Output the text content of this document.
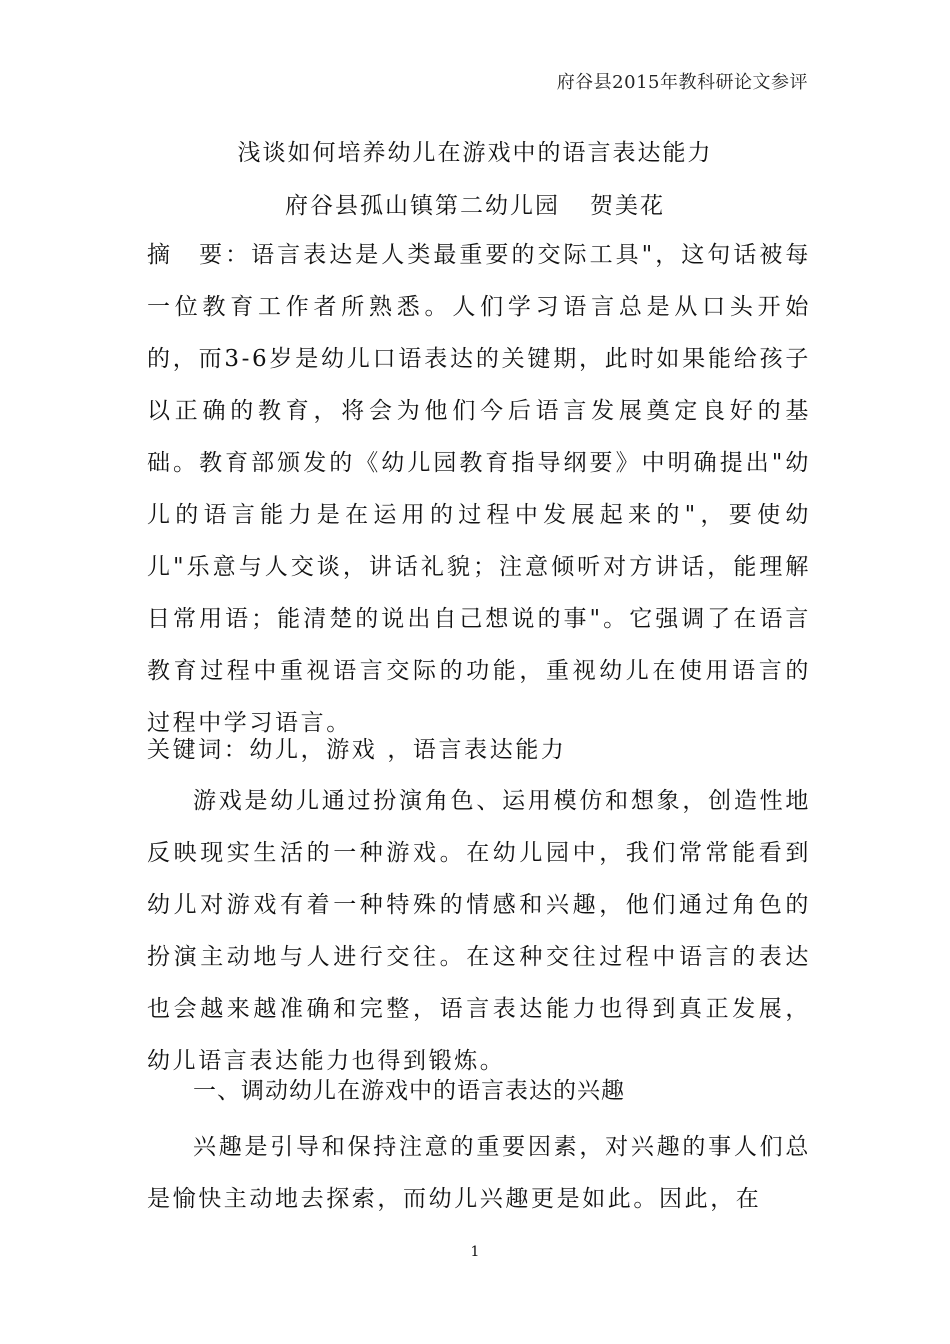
府谷县2015年教科研论文参评
浅谈如何培养幼儿在游戏中的语言表达能力
府谷县孤山镇第二幼儿园 贺美花
摘　要：语言表达是人类最重要的交际工具"，这句话被每一位教育工作者所熟悉。人们学习语言总是从口头开始的，而3-6岁是幼儿口语表达的关键期，此时如果能给孩子以正确的教育，将会为他们今后语言发展奠定良好的基础。教育部颁发的《幼儿园教育指导纲要》中明确提出"幼儿的语言能力是在运用的过程中发展起来的"，要使幼儿"乐意与人交谈，讲话礼貌；注意倾听对方讲话，能理解日常用语；能清楚的说出自己想说的事"。它强调了在语言教育过程中重视语言交际的功能，重视幼儿在使用语言的过程中学习语言。
关键词：幼儿，游戏 ，语言表达能力
游戏是幼儿通过扮演角色、运用模仿和想象，创造性地反映现实生活的一种游戏。在幼儿园中，我们常常能看到幼儿对游戏有着一种特殊的情感和兴趣，他们通过角色的扮演主动地与人进行交往。在这种交往过程中语言的表达也会越来越准确和完整，语言表达能力也得到真正发展，幼儿语言表达能力也得到锻炼。
一、调动幼儿在游戏中的语言表达的兴趣
兴趣是引导和保持注意的重要因素，对兴趣的事人们总是愉快主动地去探索，而幼儿兴趣更是如此。因此，在
1
